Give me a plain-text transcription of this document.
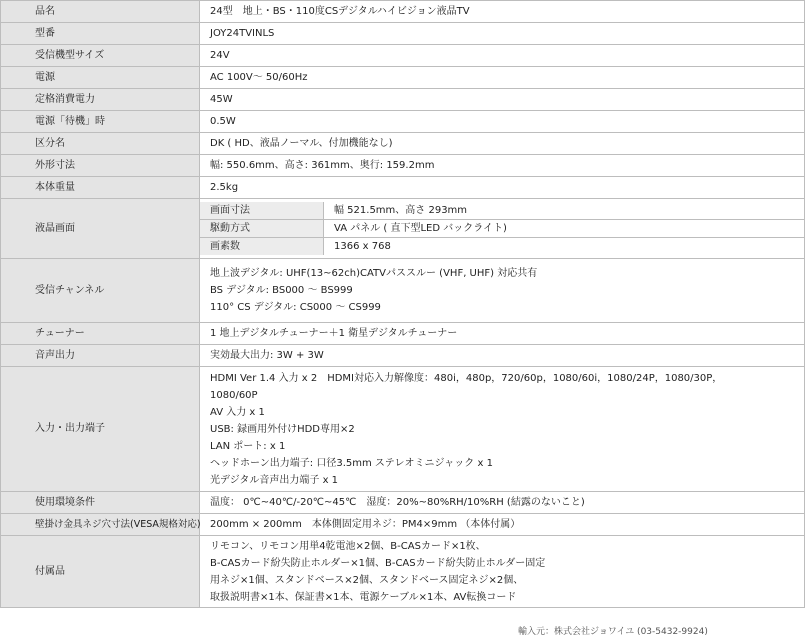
品名	24型　地上・BS・110度CSデジタルハイビジョン液晶TV
型番	JOY24TVINLS
受信機型サイズ	24V
電源	AC 100V～ 50/60Hz
定格消費電力	45W
電源「待機」時	0.5W
区分名	DK ( HD、液晶ノーマル、付加機能なし)
外形寸法	幅: 550.6mm、高さ: 361mm、奥行: 159.2mm
本体重量	2.5kg
液晶画面	
画面寸法	幅 521.5mm、高さ 293mm
駆動方式	VA パネル ( 直下型LED バックライト)
画素数	1366 x 768

受信チャンネル	
地上波デジタル: UHF(13~62ch)CATVパススルー (VHF, UHF) 対応共有
BS デジタル: BS000 ～ BS999
110° CS デジタル: CS000 ～ CS999

チューナー	1 地上デジタルチューナー＋1 衛星デジタルチューナー
音声出力	実効最大出力: 3W + 3W
入力・出力端子	
HDMI Ver 1.4 入力 x 2　HDMI対応入力解像度：480i，480p，720/60p，1080/60i，1080/24P，1080/30P，
1080/60P
AV 入力 x 1
USB: 録画用外付けHDD専用×2
LAN ポート: x 1
ヘッドホーン出力端子: 口径3.5mm ステレオミニジャック x 1
光デジタル音声出力端子 x 1

使用環境条件	温度： 0℃~40℃/-20℃~45℃　湿度：20%~80%RH/10%RH (結露のないこと)
壁掛け金具ネジ穴寸法(VESA規格対応)	200mm × 200mm　本体側固定用ネジ：PM4×9mm （本体付属）
付属品	
リモコン、リモコン用単4乾電池×2個、B-CASカード×1枚、
B-CASカード紛失防止ホルダー×1個、B-CASカード紛失防止ホルダー固定
用ネジ×1個、スタンドベース×2個、スタンドベース固定ネジ×2個、
取扱説明書×1本、保証書×1本、電源ケーブル×1本、AV転換コード
輸入元：株式会社ジョワイユ (03-5432-9924)
